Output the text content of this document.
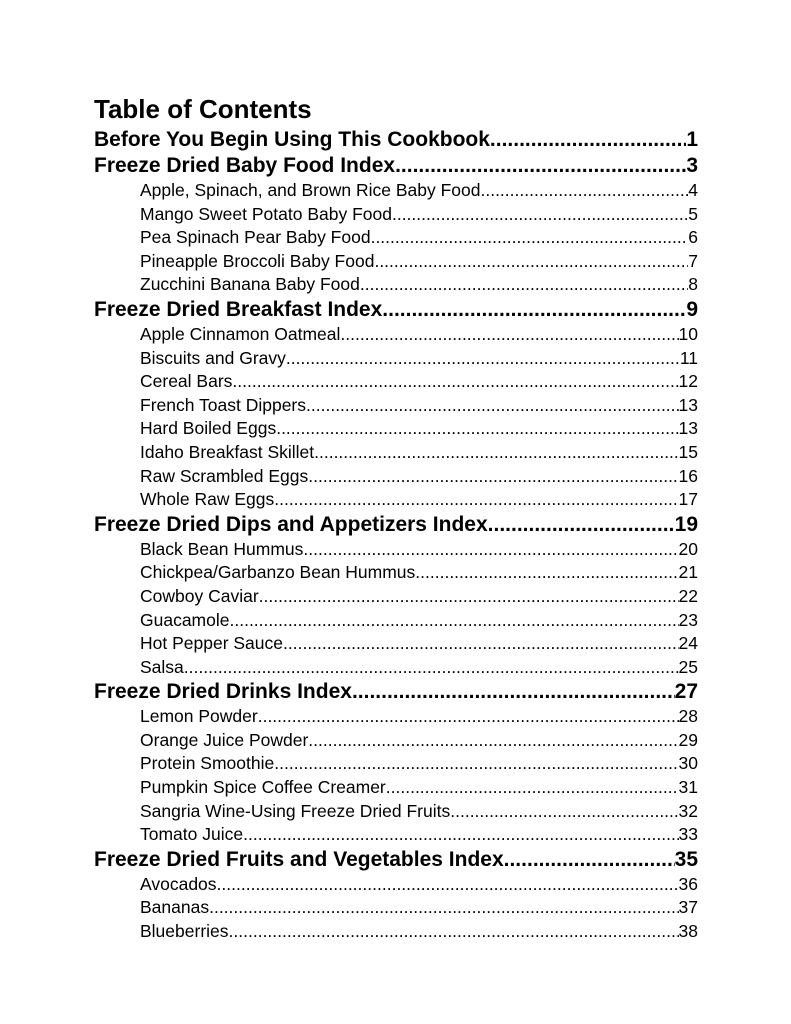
Table of Contents
Before You Begin Using This Cookbook .....	1
Freeze Dried Baby Food Index .....	3
Apple, Spinach, and Brown Rice Baby Food .....	4
Mango Sweet Potato Baby Food .....	5
Pea Spinach Pear Baby Food .....	6
Pineapple Broccoli Baby Food .....	7
Zucchini Banana Baby Food .....	8
Freeze Dried Breakfast Index .....	9
Apple Cinnamon Oatmeal .....	10
Biscuits and Gravy .....	11
Cereal Bars .....	12
French Toast Dippers .....	13
Hard Boiled Eggs .....	13
Idaho Breakfast Skillet .....	15
Raw Scrambled Eggs .....	16
Whole Raw Eggs .....	17
Freeze Dried Dips and Appetizers Index .....	19
Black Bean Hummus .....	20
Chickpea/Garbanzo Bean Hummus .....	21
Cowboy Caviar .....	22
Guacamole .....	23
Hot Pepper Sauce .....	24
Salsa .....	25
Freeze Dried Drinks Index .....	27
Lemon Powder .....	28
Orange Juice Powder .....	29
Protein Smoothie .....	30
Pumpkin Spice Coffee Creamer .....	31
Sangria Wine-Using Freeze Dried Fruits .....	32
Tomato Juice .....	33
Freeze Dried Fruits and Vegetables Index .....	35
Avocados .....	36
Bananas .....	37
Blueberries .....	38
